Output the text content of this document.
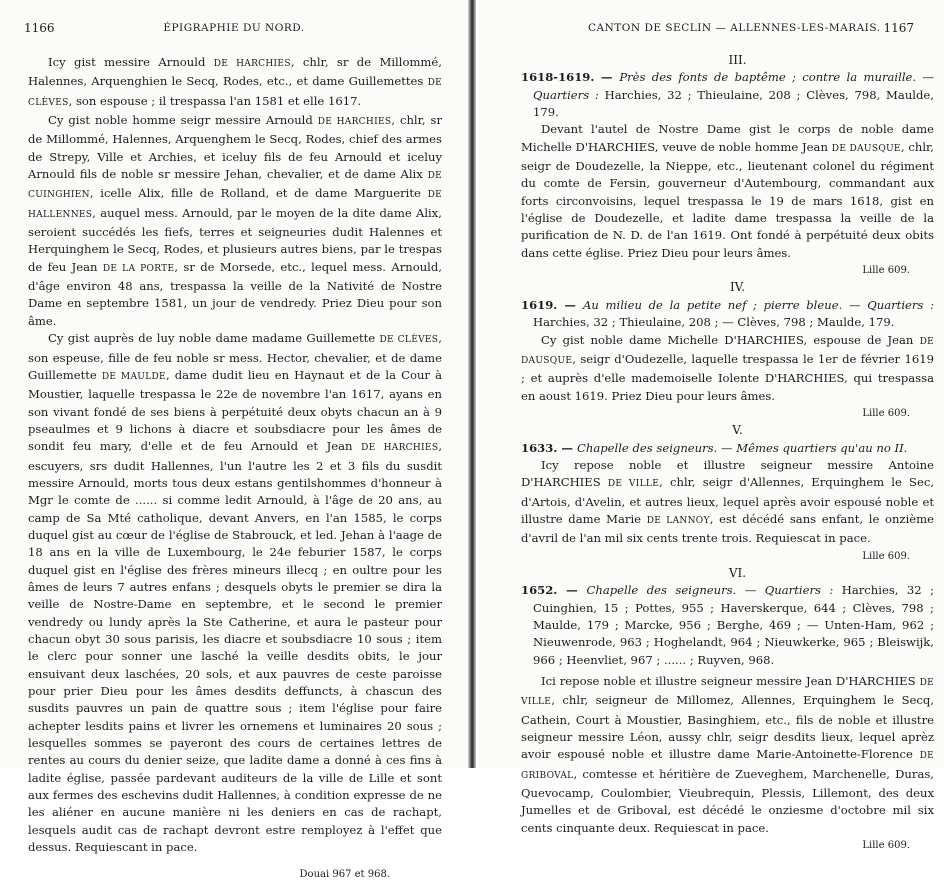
1166	ÉPIGRAPHIE DU NORD.

Icy gist messire Arnould DE HARCHIES, chlr, sr de Millommé, Halennes, Arquenghien le Secq, Rodes, etc., et dame Guillemettes DE CLÈVES, son espouse ; il trespassa l'an 1581 et elle 1617.

Cy gist noble homme seigr messire Arnould DE HARCHIES, chlr, sr de Millommé, Halennes, Arquenghem le Secq, Rodes, chief des armes de Strepy, Ville et Archies, et iceluy fils de feu Arnould et iceluy Arnould fils de noble sr messire Jehan, chevalier, et de dame Alix DE CUINGHIEN, icelle Alix, fille de Rolland, et de dame Marguerite DE HALLENNES, auquel mess. Arnould, par le moyen de la dite dame Alix, seroient succédés les fiefs, terres et seigneuries dudit Halennes et Herquinghem le Secq, Rodes, et plusieurs autres biens, par le trespas de feu Jean DE LA PORTE, sr de Morsede, etc., lequel mess. Arnould, d'âge environ 48 ans, trespassa la veille de la Nativité de Nostre Dame en septembre 1581, un jour de vendredy. Priez Dieu pour son âme.

Cy gist auprès de luy noble dame madame Guillemette DE CLÈVES, son espeuse, fille de feu noble sr mess. Hector, chevalier, et de dame Guillemette DE MAULDE, dame dudit lieu en Haynaut et de la Cour à Moustier, laquelle trespassa le 22e de novembre l'an 1617, ayans en son vivant fondé de ses biens à perpétuité deux obyts chacun an à 9 pseaulmes et 9 lichons à diacre et soubsdiacre pour les âmes de sondit feu mary, d'elle et de feu Arnould et Jean DE HARCHIES, escuyers, srs dudit Hallennes, l'un l'autre les 2 et 3 fils du susdit messire Arnould, morts tous deux estans gentilshommes d'honneur à Mgr le comte de ...... si comme ledit Arnould, à l'âge de 20 ans, au camp de Sa Mté catholique, devant Anvers, en l'an 1585, le corps duquel gist au cœur de l'église de Stabrouck, et led. Jehan à l'aage de 18 ans en la ville de Luxembourg, le 24e feburier 1587, le corps duquel gist en l'église des frères mineurs illecq ; en oultre pour les âmes de leurs 7 autres enfans ; desquels obyts le premier se dira la veille de Nostre-Dame en septembre, et le second le premier vendredy ou lundy après la Ste Catherine, et aura le pasteur pour chacun obyt 30 sous parisis, les diacre et soubsdiacre 10 sous ; item le clerc pour sonner une lasché la veille desdits obits, le jour ensuivant deux laschées, 20 sols, et aux pauvres de ceste paroisse pour prier Dieu pour les âmes desdits deffuncts, à chascun des susdits pauvres un pain de quattre sous ; item l'église pour faire achepter lesdits pains et livrer les ornemens et luminaires 20 sous ; lesquelles sommes se payeront des cours de certaines lettres de rentes au cours du denier seize, que ladite dame a donné à ces fins à ladite église, passée pardevant auditeurs de la ville de Lille et sont aux fermes des eschevins dudit Hallennes, à condition expresse de ne les aliéner en aucune manière ni les deniers en cas de rachapt, lesquels audit cas de rachapt devront estre remployez à l'effet que dessus. Requiescant in pace.

Douai 967 et 968.
CANTON DE SECLIN — ALLENNES-LES-MARAIS. 1167

III.

1618-1619. — Près des fonts de baptême ; contre la muraille. — Quartiers : Harchies, 32 ; Thieulaine, 208 ; Clèves, 798, Maulde, 179.

Devant l'autel de Nostre Dame gist le corps de noble dame Michelle D'HARCHIES, veuve de noble homme Jean DE DAUSQUE, chlr, seigr de Doudezelle, la Nieppe, etc., lieutenant colonel du régiment du comte de Fersin, gouverneur d'Autembourg, commandant aux forts circonvoisins, lequel trespassa le 19 de mars 1618, gist en l'église de Doudezelle, et ladite dame trespassa la veille de la purification de N. D. de l'an 1619. Ont fondé à perpétuité deux obits dans cette église. Priez Dieu pour leurs âmes.

Lille 609.

IV.

1619. — Au milieu de la petite nef ; pierre bleue. — Quartiers : Harchies, 32 ; Thieulaine, 208 ; — Clèves, 798 ; Maulde, 179.

Cy gist noble dame Michelle D'HARCHIES, espouse de Jean DE DAUSQUE, seigr d'Oudezelle, laquelle trespassa le 1er de février 1619 ; et auprès d'elle mademoiselle Iolente D'HARCHIES, qui trespassa en aoust 1619. Priez Dieu pour leurs âmes.

Lille 609.

V.

1633. — Chapelle des seigneurs. — Mêmes quartiers qu'au no II.

Icy repose noble et illustre seigneur messire Antoine D'HARCHIES DE VILLE, chlr, seigr d'Allennes, Erquinghem le Sec, d'Artois, d'Avelin, et autres lieux, lequel après avoir espousé noble et illustre dame Marie DE LANNOY, est décédé sans enfant, le onzième d'avril de l'an mil six cents trente trois. Requiescat in pace.

Lille 609.

VI.

1652. — Chapelle des seigneurs. — Quartiers : Harchies, 32 ; Cuinghien, 15 ; Pottes, 955 ; Haverskerque, 644 ; Clèves, 798 ; Maulde, 179 ; Marcke, 956 ; Berghe, 469 ; — Unten-Ham, 962 ; Nieuwenrode, 963 ; Hoghelandt, 964 ; Nieuwkerke, 965 ; Bleiswijk, 966 ; Heenvliet, 967 ; ...... ; Ruyven, 968.

Ici repose noble et illustre seigneur messire Jean D'HARCHIES DE VILLE, chlr, seigneur de Millomez, Allennes, Erquinghem le Secq, Cathein, Court à Moustier, Basinghiem, etc., fils de noble et illustre seigneur messire Léon, aussy chlr, seigr desdits lieux, lequel aprèz avoir espousé noble et illustre dame Marie-Antoinette-Florence DE GRIBOVAL, comtesse et héritière de Zueveghem, Marchenelle, Duras, Quevocamp, Coulombier, Vieubrequin, Plessis, Lillemont, des deux Jumelles et de Griboval, est décédé le onziesme d'octobre mil six cents cinquante deux. Requiescat in pace.

Lille 609.
